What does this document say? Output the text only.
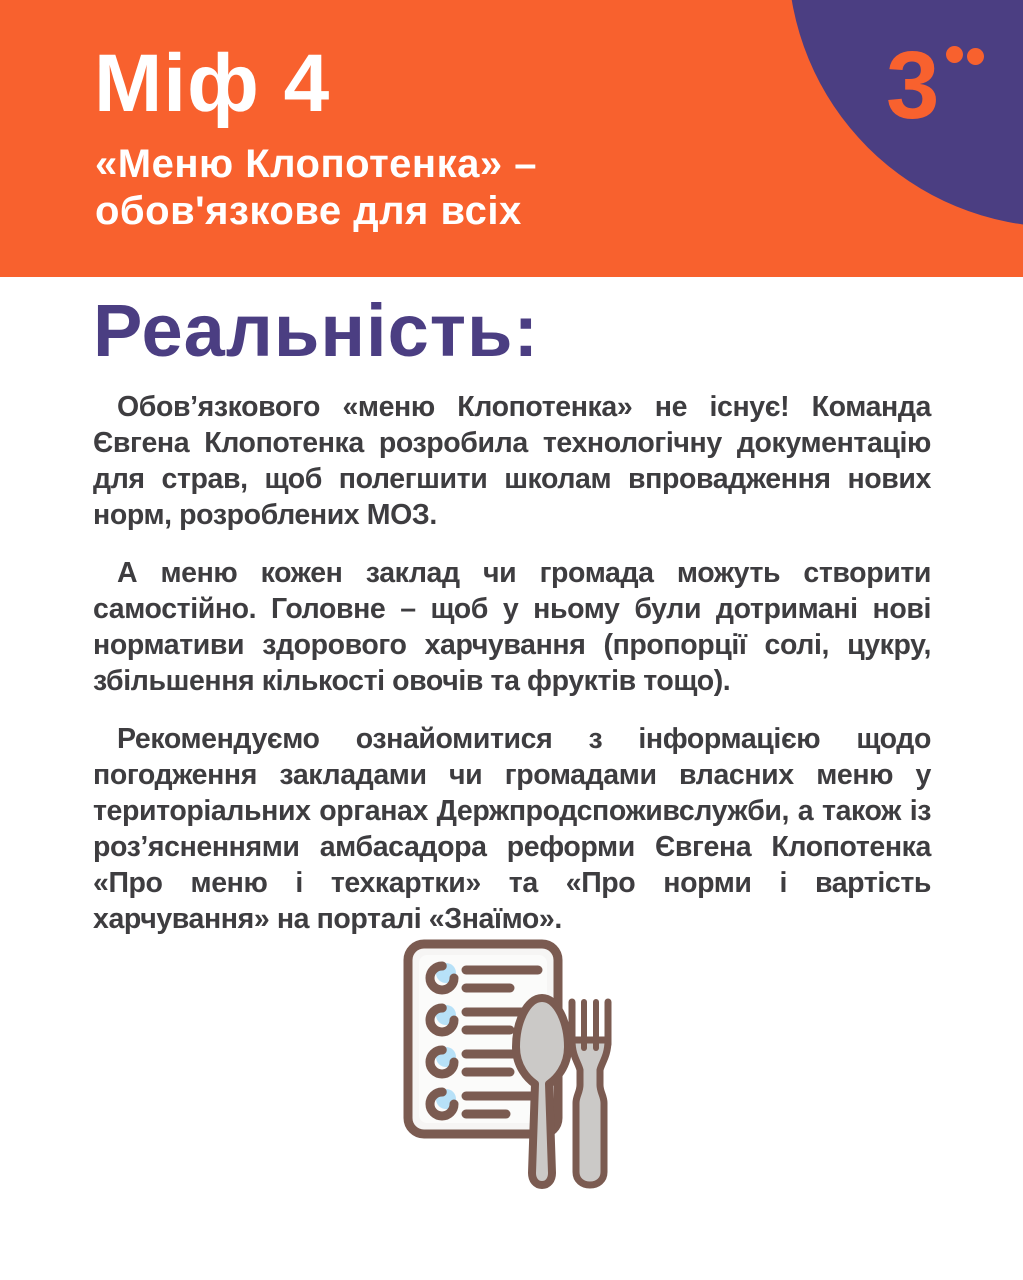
3
Міф 4
«Меню Клопотенка» –
обов'язкове для всіх
Реальність:

Обов’язкового «меню Клопотенка» не існує! Команда Євгена Клопотенка розробила технологічну документацію для страв, щоб полегшити школам впровадження нових норм, розроблених МОЗ.

А меню кожен заклад чи громада можуть створити самостійно. Головне – щоб у ньому були дотримані нові нормативи здорового харчування (пропорції солі, цукру, збільшення кількості овочів та фруктів тощо).

Рекомендуємо ознайомитися з інформацією щодо погодження закладами чи громадами власних меню у територіальних органах Держпродспоживслужби, а також із роз’ясненнями амбасадора реформи Євгена Клопотенка «Про меню і техкартки» та «Про норми і вартість харчування» на порталі «Знаїмо».
